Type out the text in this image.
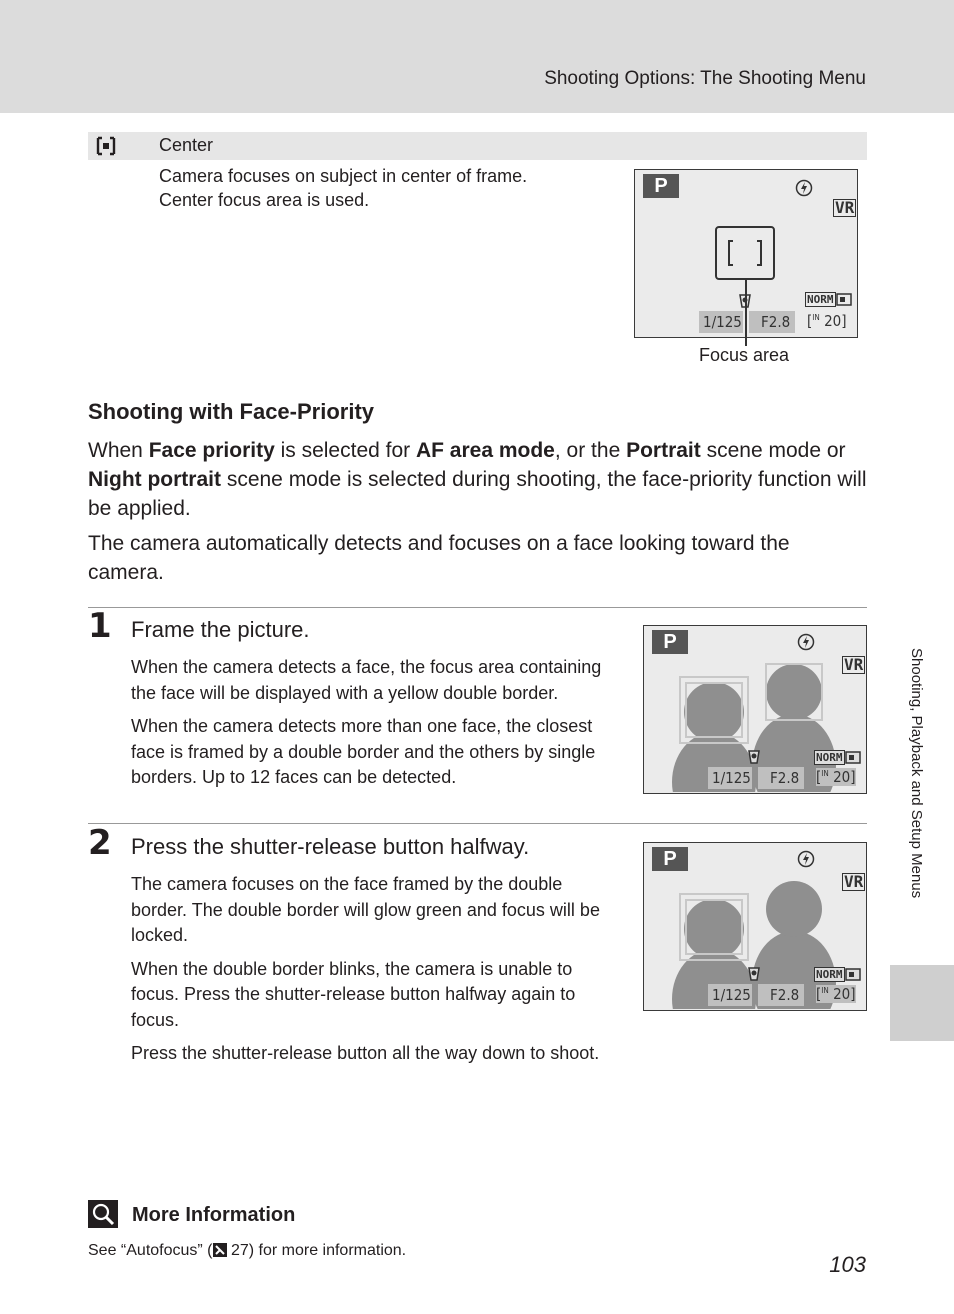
Shooting Options: The Shooting Menu
Center
Camera focuses on subject in center of frame.
Center focus area is used.
P
VR
NORM
1/125 F2.8 [$^{IN}$ 20]
Focus area
Shooting with Face-Priority

When Face priority is selected for AF area mode, or the Portrait scene mode or Night portrait scene mode is selected during shooting, the face-priority function will be applied.

The camera automatically detects and focuses on a face looking toward the camera.

1 Frame the picture.

When the camera detects a face, the focus area containing the face will be displayed with a yellow double border.

When the camera detects more than one face, the closest face is framed by a double border and the others by single borders. Up to 12 faces can be detected.

P
VR
NORM
1/125 F2.8 [$^{IN}$ 20]
2 Press the shutter-release button halfway.

The camera focuses on the face framed by the double border. The double border will glow green and focus will be locked.

When the double border blinks, the camera is unable to focus. Press the shutter-release button halfway again to focus.

Press the shutter-release button all the way down to shoot.

P
VR
NORM
1/125 F2.8 [$^{IN}$ 20]
Shooting, Playback and Setup Menus
More Information
See “Autofocus” ( 27) for more information.
103
